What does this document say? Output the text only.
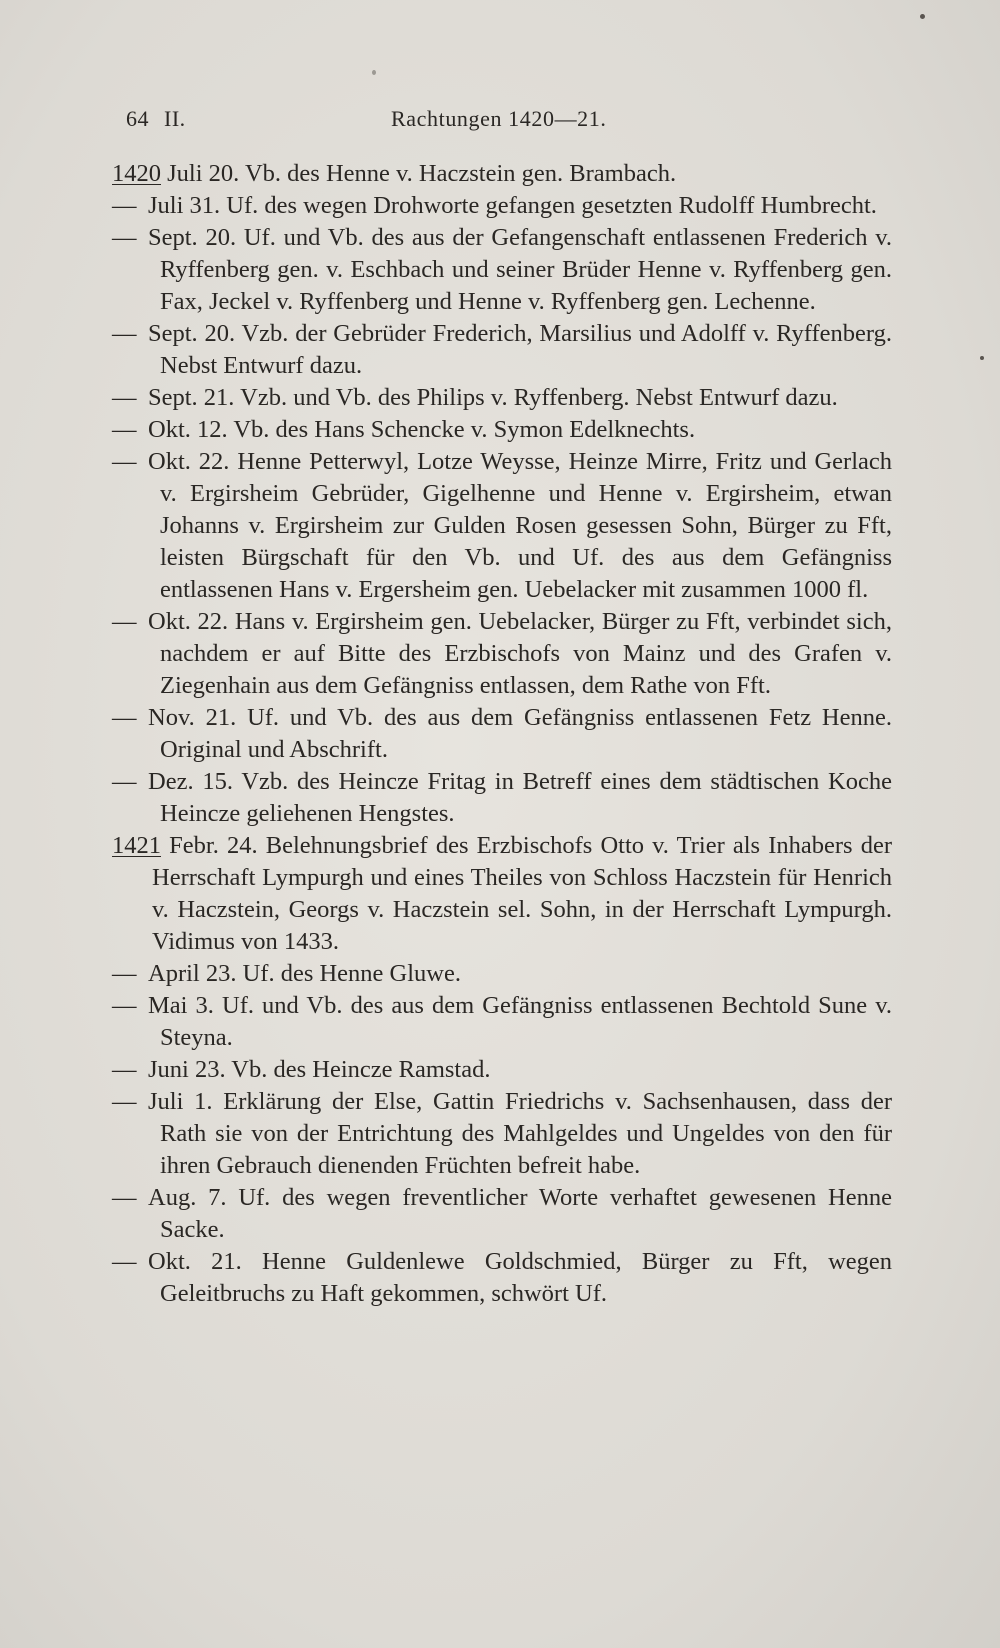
64 II.	Rachtungen 1420—21.
1420 Juli 20. Vb. des Henne v. Haczstein gen. Brambach.
— Juli 31. Uf. des wegen Drohworte gefangen gesetzten Rudolff Humbrecht.
— Sept. 20. Uf. und Vb. des aus der Gefangenschaft entlassenen Frederich v. Ryffenberg gen. v. Eschbach und seiner Brüder Henne v. Ryffenberg gen. Fax, Jeckel v. Ryffenberg und Henne v. Ryffenberg gen. Lechenne.
— Sept. 20. Vzb. der Gebrüder Frederich, Marsilius und Adolff v. Ryffenberg. Nebst Entwurf dazu.
— Sept. 21. Vzb. und Vb. des Philips v. Ryffenberg. Nebst Entwurf dazu.
— Okt. 12. Vb. des Hans Schencke v. Symon Edelknechts.
— Okt. 22. Henne Petterwyl, Lotze Weysse, Heinze Mirre, Fritz und Gerlach v. Ergirsheim Gebrüder, Gigelhenne und Henne v. Ergirsheim, etwan Johanns v. Ergirsheim zur Gulden Rosen gesessen Sohn, Bürger zu Fft, leisten Bürgschaft für den Vb. und Uf. des aus dem Gefängniss entlassenen Hans v. Ergersheim gen. Uebelacker mit zusammen 1000 fl.
— Okt. 22. Hans v. Ergirsheim gen. Uebelacker, Bürger zu Fft, verbindet sich, nachdem er auf Bitte des Erzbischofs von Mainz und des Grafen v. Ziegenhain aus dem Gefängniss entlassen, dem Rathe von Fft.
— Nov. 21. Uf. und Vb. des aus dem Gefängniss entlassenen Fetz Henne. Original und Abschrift.
— Dez. 15. Vzb. des Heincze Fritag in Betreff eines dem städtischen Koche Heincze geliehenen Hengstes.
1421 Febr. 24. Belehnungsbrief des Erzbischofs Otto v. Trier als Inhabers der Herrschaft Lympurgh und eines Theiles von Schloss Haczstein für Henrich v. Haczstein, Georgs v. Haczstein sel. Sohn, in der Herrschaft Lympurgh. Vidimus von 1433.
— April 23. Uf. des Henne Gluwe.
— Mai 3. Uf. und Vb. des aus dem Gefängniss entlassenen Bechtold Sune v. Steyna.
— Juni 23. Vb. des Heincze Ramstad.
— Juli 1. Erklärung der Else, Gattin Friedrichs v. Sachsenhausen, dass der Rath sie von der Entrichtung des Mahlgeldes und Ungeldes von den für ihren Gebrauch dienenden Früchten befreit habe.
— Aug. 7. Uf. des wegen freventlicher Worte verhaftet gewesenen Henne Sacke.
— Okt. 21. Henne Guldenlewe Goldschmied, Bürger zu Fft, wegen Geleitbruchs zu Haft gekommen, schwört Uf.
